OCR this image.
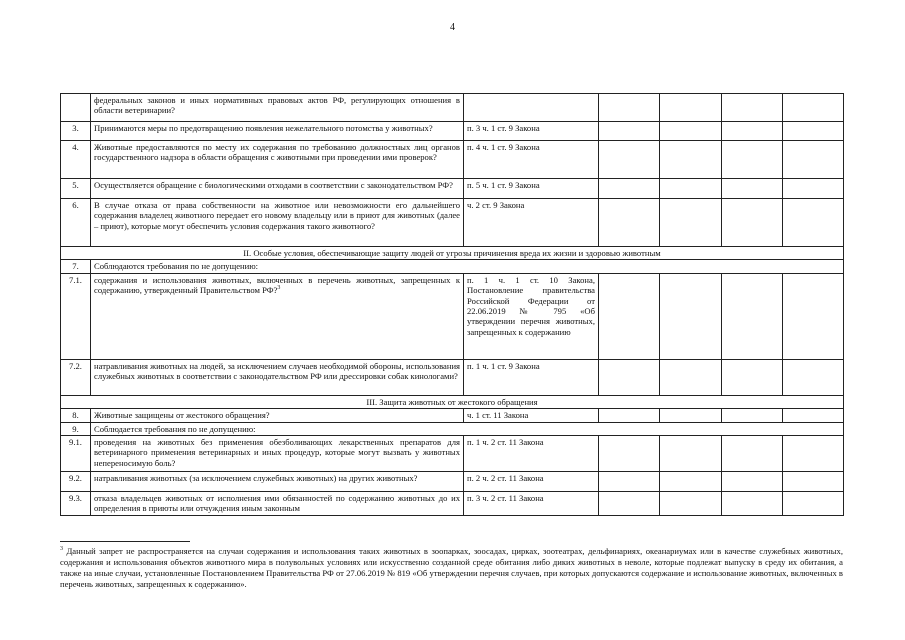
4
	федеральных законов и иных нормативных правовых актов РФ, регулирующих отношения в области ветеринарии?					
3.	Принимаются меры по предотвращению появления нежелательного потомства у животных?	п. 3 ч. 1 ст. 9 Закона				
4.	Животные предоставляются по месту их содержания по требованию должностных лиц органов государственного надзора в области обращения с животными при проведении ими проверок?	п. 4 ч. 1 ст. 9 Закона				
5.	Осуществляется обращение с биологическими отходами в соответствии с законодательством РФ?	п. 5 ч. 1 ст. 9 Закона				
6.	В случае отказа от права собственности на животное или невозможности его дальнейшего содержания владелец животного передает его новому владельцу или в приют для животных (далее – приют), которые могут обеспечить условия содержания такого животного?	ч. 2 ст. 9 Закона				
II. Особые условия, обеспечивающие защиту людей от угрозы причинения вреда их жизни и здоровью животным						
7.	Соблюдаются требования по не допущению:					
7.1.	содержания и использования животных, включенных в перечень животных, запрещенных к содержанию, утвержденный Правительством РФ?$^3$	п. 1 ч. 1 ст. 10 Закона, Постановление правительства Российской Федерации от 22.06.2019 № 795 «Об утверждении перечня животных, запрещенных к содержанию				
7.2.	натравливания животных на людей, за исключением случаев необходимой обороны, использования служебных животных в соответствии с законодательством РФ или дрессировки собак кинологами?	п. 1 ч. 1 ст. 9 Закона				
III. Защита животных от жестокого обращения						
8.	Животные защищены от жестокого обращения?	ч. 1 ст. 11 Закона				
9.	Соблюдается требования по не допущению:					
9.1.	проведения на животных без применения обезболивающих лекарственных препаратов для ветеринарного применения ветеринарных и иных процедур, которые могут вызвать у животных непереносимую боль?	п. 1 ч. 2 ст. 11 Закона				
9.2.	натравливания животных (за исключением служебных животных) на других животных?	п. 2 ч. 2 ст. 11 Закона				
9.3.	отказа владельцев животных от исполнения ими обязанностей по содержанию животных до их определения в приюты или отчуждения иным законным	п. 3 ч. 2 ст. 11 Закона				
$^3$ Данный запрет не распространяется на случаи содержания и использования таких животных в зоопарках, зоосадах, цирках, зоотеатрах, дельфинариях, океанариумах или в качестве служебных животных, содержания и использования объектов животного мира в полувольных условиях или искусственно созданной среде обитания либо диких животных в неволе, которые подлежат выпуску в среду их обитания, а также на иные случаи, установленные Постановлением Правительства РФ от 27.06.2019 № 819 «Об утверждении перечня случаев, при которых допускаются содержание и использование животных, включенных в перечень животных, запрещенных к содержанию».
